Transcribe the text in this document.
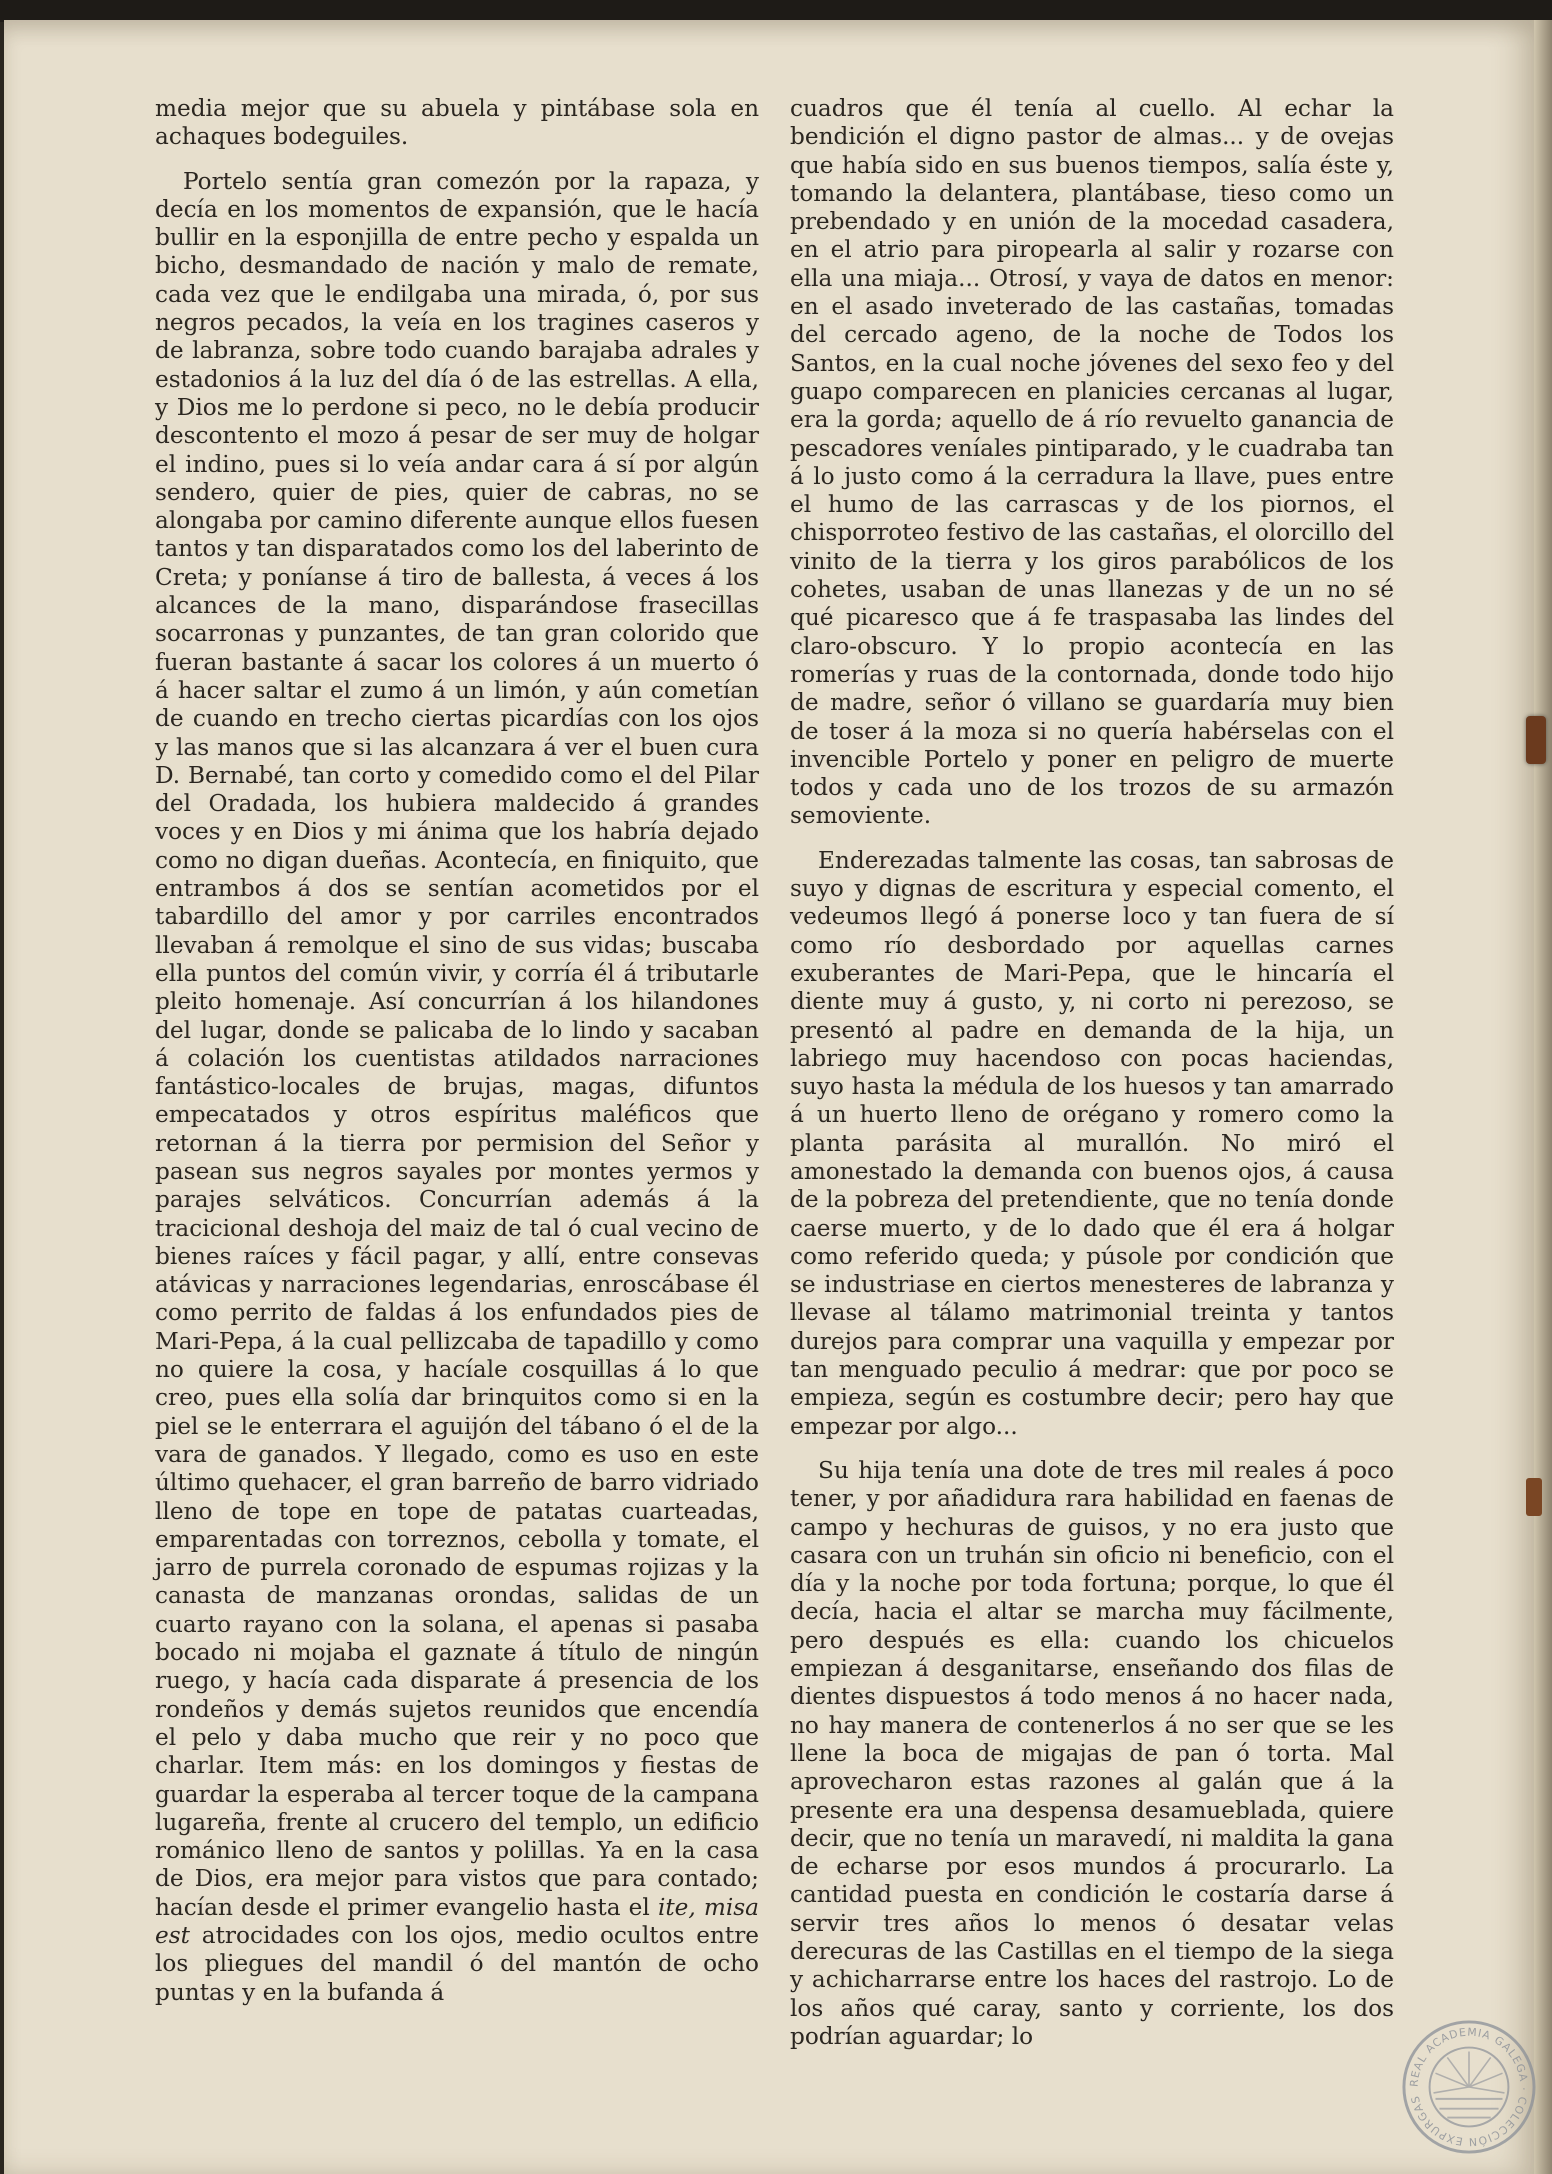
media mejor que su abuela y pintábase sola en achaques bodeguiles.

Portelo sentía gran comezón por la rapaza, y decía en los momentos de expansión, que le hacía bullir en la esponjilla de entre pecho y espalda un bicho, desmandado de nación y malo de remate, cada vez que le endilgaba una mirada, ó, por sus negros pecados, la veía en los tragines caseros y de labranza, sobre todo cuando barajaba adrales y estadonios á la luz del día ó de las estrellas. A ella, y Dios me lo perdone si peco, no le debía producir descontento el mozo á pesar de ser muy de holgar el indino, pues si lo veía andar cara á sí por algún sendero, quier de pies, quier de cabras, no se alongaba por camino diferente aunque ellos fuesen tantos y tan disparatados como los del laberinto de Creta; y poníanse á tiro de ballesta, á veces á los alcances de la mano, disparándose frasecillas socarronas y punzantes, de tan gran colorido que fueran bastante á sacar los colores á un muerto ó á hacer saltar el zumo á un limón, y aún cometían de cuando en trecho ciertas picardías con los ojos y las manos que si las alcanzara á ver el buen cura D. Bernabé, tan corto y comedido como el del Pilar del Oradada, los hubiera maldecido á grandes voces y en Dios y mi ánima que los habría dejado como no digan dueñas. Acontecía, en finiquito, que entrambos á dos se sentían acometidos por el tabardillo del amor y por carriles encontrados llevaban á remolque el sino de sus vidas; buscaba ella puntos del común vivir, y corría él á tributarle pleito homenaje. Así concurrían á los hilandones del lugar, donde se palicaba de lo lindo y sacaban á colación los cuentistas atildados narraciones fantástico-locales de brujas, magas, difuntos empecatados y otros espíritus maléficos que retornan á la tierra por permision del Señor y pasean sus negros sayales por montes yermos y parajes selváticos. Concurrían además á la tracicional deshoja del maiz de tal ó cual vecino de bienes raíces y fácil pagar, y allí, entre consevas atávicas y narraciones legendarias, enroscábase él como perrito de faldas á los enfundados pies de Mari-Pepa, á la cual pellizcaba de tapadillo y como no quiere la cosa, y hacíale cosquillas á lo que creo, pues ella solía dar brinquitos como si en la piel se le enterrara el aguijón del tábano ó el de la vara de ganados. Y llegado, como es uso en este último quehacer, el gran barreño de barro vidriado lleno de tope en tope de patatas cuarteadas, emparentadas con torreznos, cebolla y tomate, el jarro de purrela coronado de espumas rojizas y la canasta de manzanas orondas, salidas de un cuarto rayano con la solana, el apenas si pasaba bocado ni mojaba el gaznate á título de ningún ruego, y hacía cada disparate á presencia de los rondeños y demás sujetos reunidos que encendía el pelo y daba mucho que reir y no poco que charlar. Item más: en los domingos y fiestas de guardar la esperaba al tercer toque de la campana lugareña, frente al crucero del templo, un edificio románico lleno de santos y polillas. Ya en la casa de Dios, era mejor para vistos que para contado; hacían desde el primer evangelio hasta el ite, misa est atrocidades con los ojos, medio ocultos entre los pliegues del mandil ó del mantón de ocho puntas y en la bufanda á

cuadros que él tenía al cuello. Al echar la bendición el digno pastor de almas... y de ovejas que había sido en sus buenos tiempos, salía éste y, tomando la delantera, plantábase, tieso como un prebendado y en unión de la mocedad casadera, en el atrio para piropearla al salir y rozarse con ella una miaja... Otrosí, y vaya de datos en menor: en el asado inveterado de las castañas, tomadas del cercado ageno, de la noche de Todos los Santos, en la cual noche jóvenes del sexo feo y del guapo comparecen en planicies cercanas al lugar, era la gorda; aquello de á río revuelto ganancia de pescadores veníales pintiparado, y le cuadraba tan á lo justo como á la cerradura la llave, pues entre el humo de las carrascas y de los piornos, el chisporroteo festivo de las castañas, el olorcillo del vinito de la tierra y los giros parabólicos de los cohetes, usaban de unas llanezas y de un no sé qué picaresco que á fe traspasaba las lindes del claro-obscuro. Y lo propio acontecía en las romerías y ruas de la contornada, donde todo hijo de madre, señor ó villano se guardaría muy bien de toser á la moza si no quería habérselas con el invencible Portelo y poner en peligro de muerte todos y cada uno de los trozos de su armazón semoviente.

Enderezadas talmente las cosas, tan sabrosas de suyo y dignas de escritura y especial comento, el vedeumos llegó á ponerse loco y tan fuera de sí como río desbordado por aquellas carnes exuberantes de Mari-Pepa, que le hincaría el diente muy á gusto, y, ni corto ni perezoso, se presentó al padre en demanda de la hija, un labriego muy hacendoso con pocas haciendas, suyo hasta la médula de los huesos y tan amarrado á un huerto lleno de orégano y romero como la planta parásita al murallón. No miró el amonestado la demanda con buenos ojos, á causa de la pobreza del pretendiente, que no tenía donde caerse muerto, y de lo dado que él era á holgar como referido queda; y púsole por condición que se industriase en ciertos menesteres de labranza y llevase al tálamo matrimonial treinta y tantos durejos para comprar una vaquilla y empezar por tan menguado peculio á medrar: que por poco se empieza, según es costumbre decir; pero hay que empezar por algo...

Su hija tenía una dote de tres mil reales á poco tener, y por añadidura rara habilidad en faenas de campo y hechuras de guisos, y no era justo que casara con un truhán sin oficio ni beneficio, con el día y la noche por toda fortuna; porque, lo que él decía, hacia el altar se marcha muy fácilmente, pero después es ella: cuando los chicuelos empiezan á desganitarse, enseñando dos filas de dientes dispuestos á todo menos á no hacer nada, no hay manera de contenerlos á no ser que se les llene la boca de migajas de pan ó torta. Mal aprovecharon estas razones al galán que á la presente era una despensa desamueblada, quiere decir, que no tenía un maravedí, ni maldita la gana de echarse por esos mundos á procurarlo. La cantidad puesta en condición le costaría darse á servir tres años lo menos ó desatar velas derecuras de las Castillas en el tiempo de la siega y achicharrarse entre los haces del rastrojo. Lo de los años qué caray, santo y corriente, los dos podrían aguardar; lo

REAL ACADEMIA GALEGA · COLECCIÓN EXPURGAS
